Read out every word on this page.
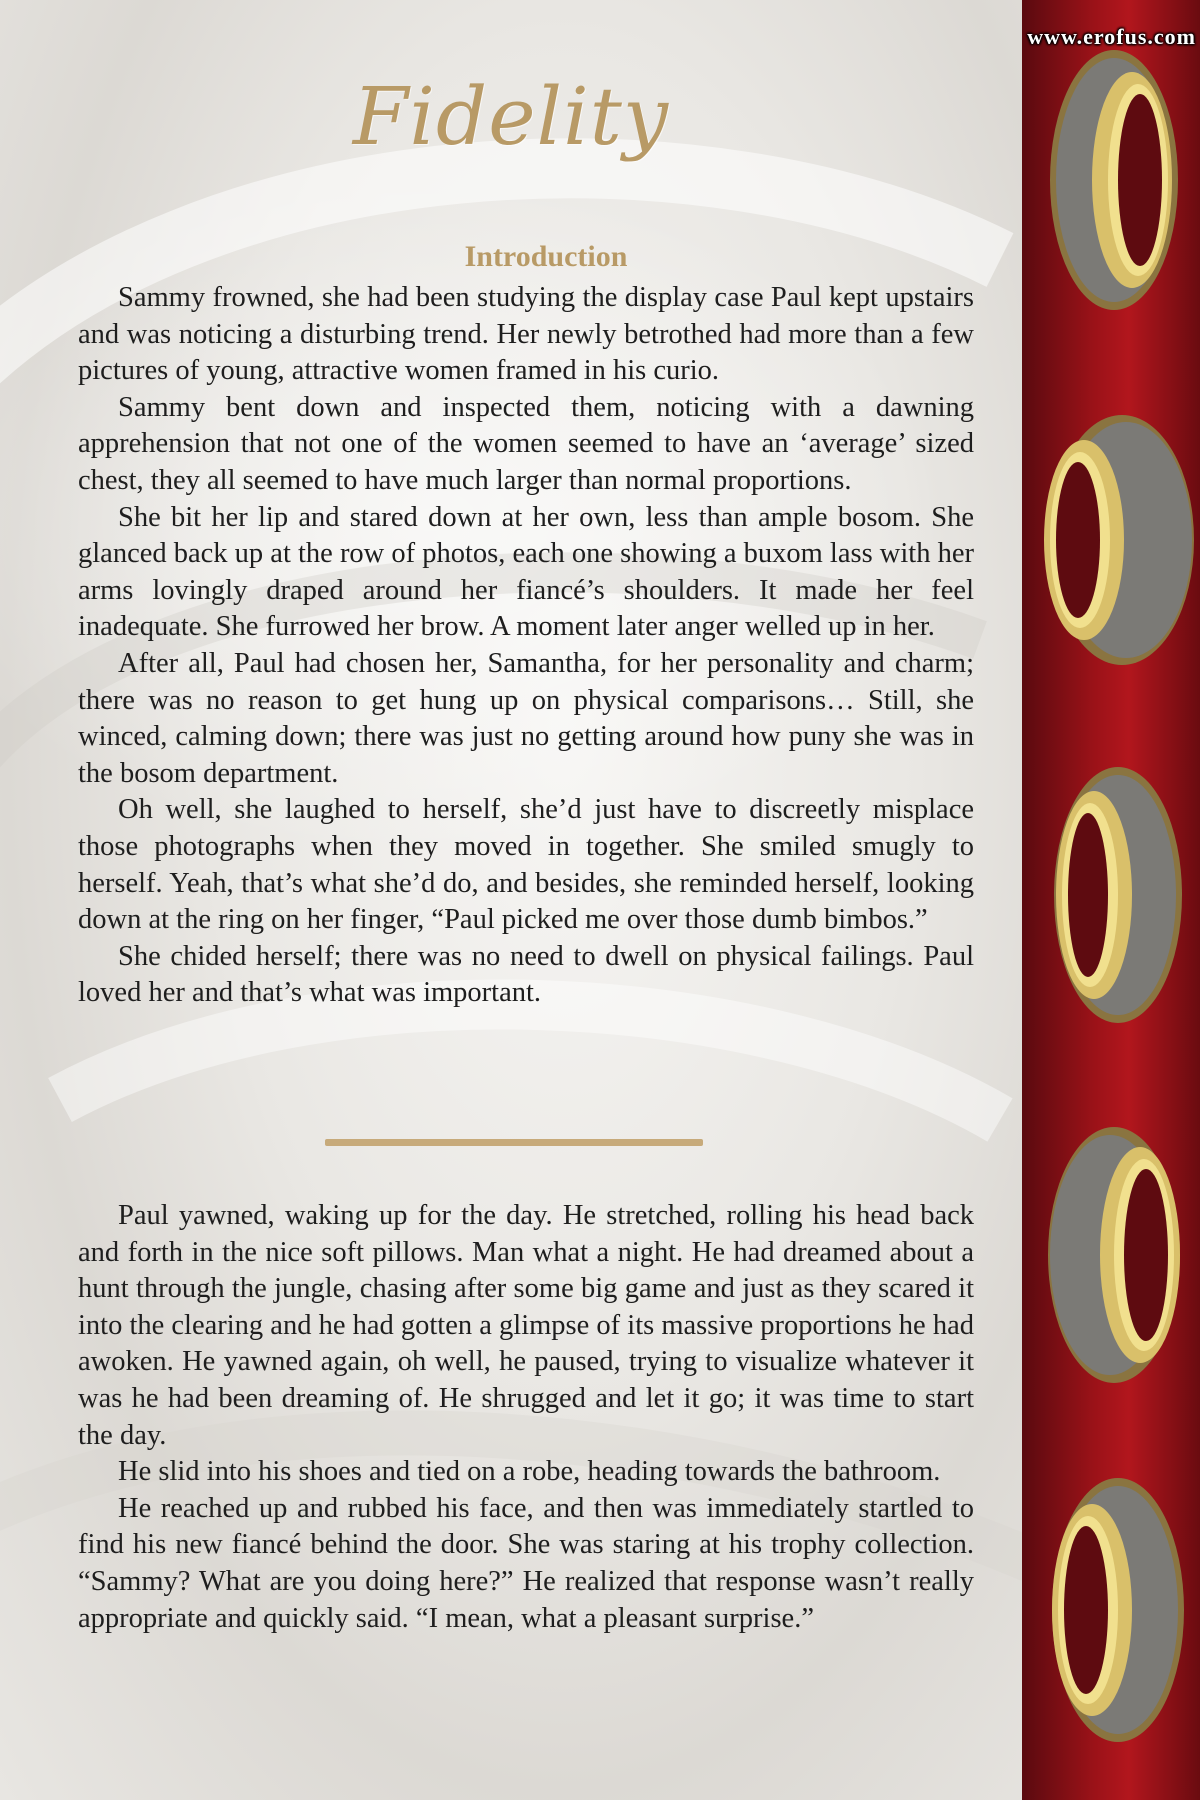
Fidelity
Introduction

Sammy frowned, she had been studying the display case Paul kept upstairs and was noticing a disturbing trend. Her newly betrothed had more than a few pictures of young, attractive women framed in his curio.

Sammy bent down and inspected them, noticing with a dawning apprehension that not one of the women seemed to have an ‘average’ sized chest, they all seemed to have much larger than normal proportions.

She bit her lip and stared down at her own, less than ample bosom. She glanced back up at the row of photos, each one showing a buxom lass with her arms lovingly draped around her fiancé’s shoulders. It made her feel inadequate. She furrowed her brow. A moment later anger welled up in her.

After all, Paul had chosen her, Samantha, for her personality and charm; there was no reason to get hung up on physical comparisons… Still, she winced, calming down; there was just no getting around how puny she was in the bosom department.

Oh well, she laughed to herself, she’d just have to discreetly misplace those photographs when they moved in together. She smiled smugly to herself. Yeah, that’s what she’d do, and besides, she reminded herself, looking down at the ring on her finger, “Paul picked me over those dumb bimbos.”

She chided herself; there was no need to dwell on physical failings. Paul loved her and that’s what was important.

Paul yawned, waking up for the day. He stretched, rolling his head back and forth in the nice soft pillows. Man what a night. He had dreamed about a hunt through the jungle, chasing after some big game and just as they scared it into the clearing and he had gotten a glimpse of its massive proportions he had awoken. He yawned again, oh well, he paused, trying to visualize whatever it was he had been dreaming of. He shrugged and let it go; it was time to start the day.

He slid into his shoes and tied on a robe, heading towards the bathroom.

He reached up and rubbed his face, and then was immediately startled to find his new fiancé behind the door. She was staring at his trophy collection. “Sammy? What are you doing here?” He realized that response wasn’t really appropriate and quickly said. “I mean, what a pleasant surprise.”

www.erofus.com
